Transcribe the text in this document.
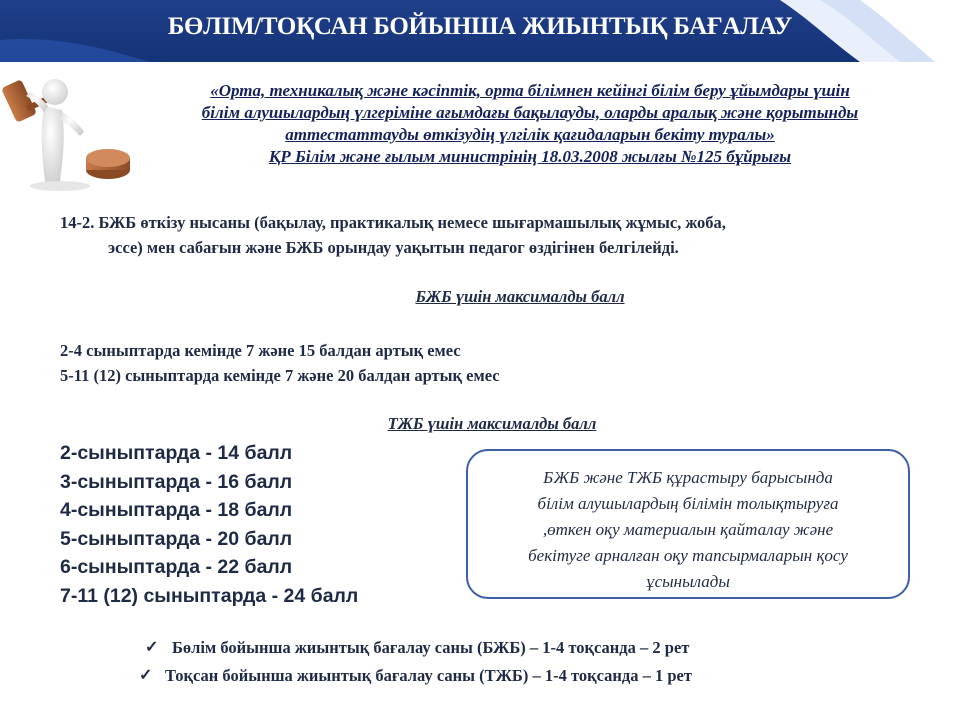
БӨЛІМ/ТОҚСАН БОЙЫНША ЖИЫНТЫҚ БАҒАЛАУ
«Орта, техникалық және кәсіптік, орта білімнен кейінгі білім беру ұйымдары үшін
білім алушылардың үлгеріміне ағымдағы бақылауды, оларды аралық және қорытынды
аттестаттауды өткізудің үлгілік қағидаларын бекіту туралы»
ҚР Білім және ғылым министрінің 18.03.2008 жылғы №125 бұйрығы
14-2. БЖБ өткізу нысаны (бақылау, практикалық немесе шығармашылық жұмыс, жоба,
эссе) мен сабағын және БЖБ орындау уақытын педагог өздігінен белгілейді.
БЖБ үшін максималды балл
2-4 сыныптарда кемінде 7 және 15 балдан артық емес
5-11 (12) сыныптарда кемінде 7 және 20 балдан артық емес
ТЖБ үшін максималды балл
2-сыныптарда - 14 балл
3-сыныптарда - 16 балл
4-сыныптарда - 18 балл
5-сыныптарда - 20 балл
6-сыныптарда - 22 балл
7-11 (12) сыныптарда - 24 балл
БЖБ және ТЖБ құрастыру барысында
білім алушылардың білімін толықтыруға
,өткен оқу материалын қайталау және
бекітуге арналған оқу тапсырмаларын қосу
ұсынылады
✓ Бөлім бойынша жиынтық бағалау саны (БЖБ) – 1-4 тоқсанда – 2 рет
✓ Тоқсан бойынша жиынтық бағалау саны (ТЖБ) – 1-4 тоқсанда – 1 рет
